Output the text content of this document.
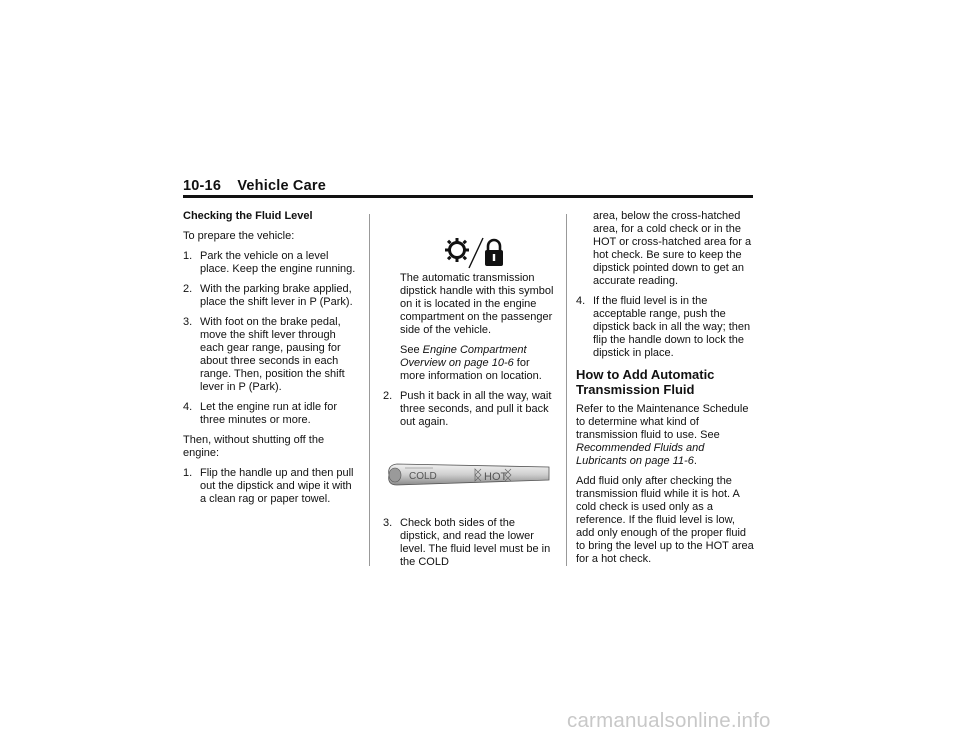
10-16 Vehicle Care

Checking the Fluid Level

To prepare the vehicle:

1. Park the vehicle on a level place. Keep the engine running.
2. With the parking brake applied, place the shift lever in P (Park).
3. With foot on the brake pedal, move the shift lever through each gear range, pausing for about three seconds in each range. Then, position the shift lever in P (Park).
4. Let the engine run at idle for three minutes or more.

Then, without shutting off the engine:

1. Flip the handle up and then pull out the dipstick and wipe it with a clean rag or paper towel.

The automatic transmission dipstick handle with this symbol on it is located in the engine compartment on the passenger side of the vehicle.

See Engine Compartment Overview on page 10-6 for more information on location.

2. Push it back in all the way, wait three seconds, and pull it back out again.
COLD	HOT
3. Check both sides of the dipstick, and read the lower level. The fluid level must be in the COLD

area, below the cross-hatched area, for a cold check or in the HOT or cross-hatched area for a hot check. Be sure to keep the dipstick pointed down to get an accurate reading.

4. If the fluid level is in the acceptable range, push the dipstick back in all the way; then flip the handle down to lock the dipstick in place.
How to Add Automatic Transmission Fluid

Refer to the Maintenance Schedule to determine what kind of transmission fluid to use. See Recommended Fluids and Lubricants on page 11-6.

Add fluid only after checking the transmission fluid while it is hot. A cold check is used only as a reference. If the fluid level is low, add only enough of the proper fluid to bring the level up to the HOT area for a hot check.

carmanualsonline.info
